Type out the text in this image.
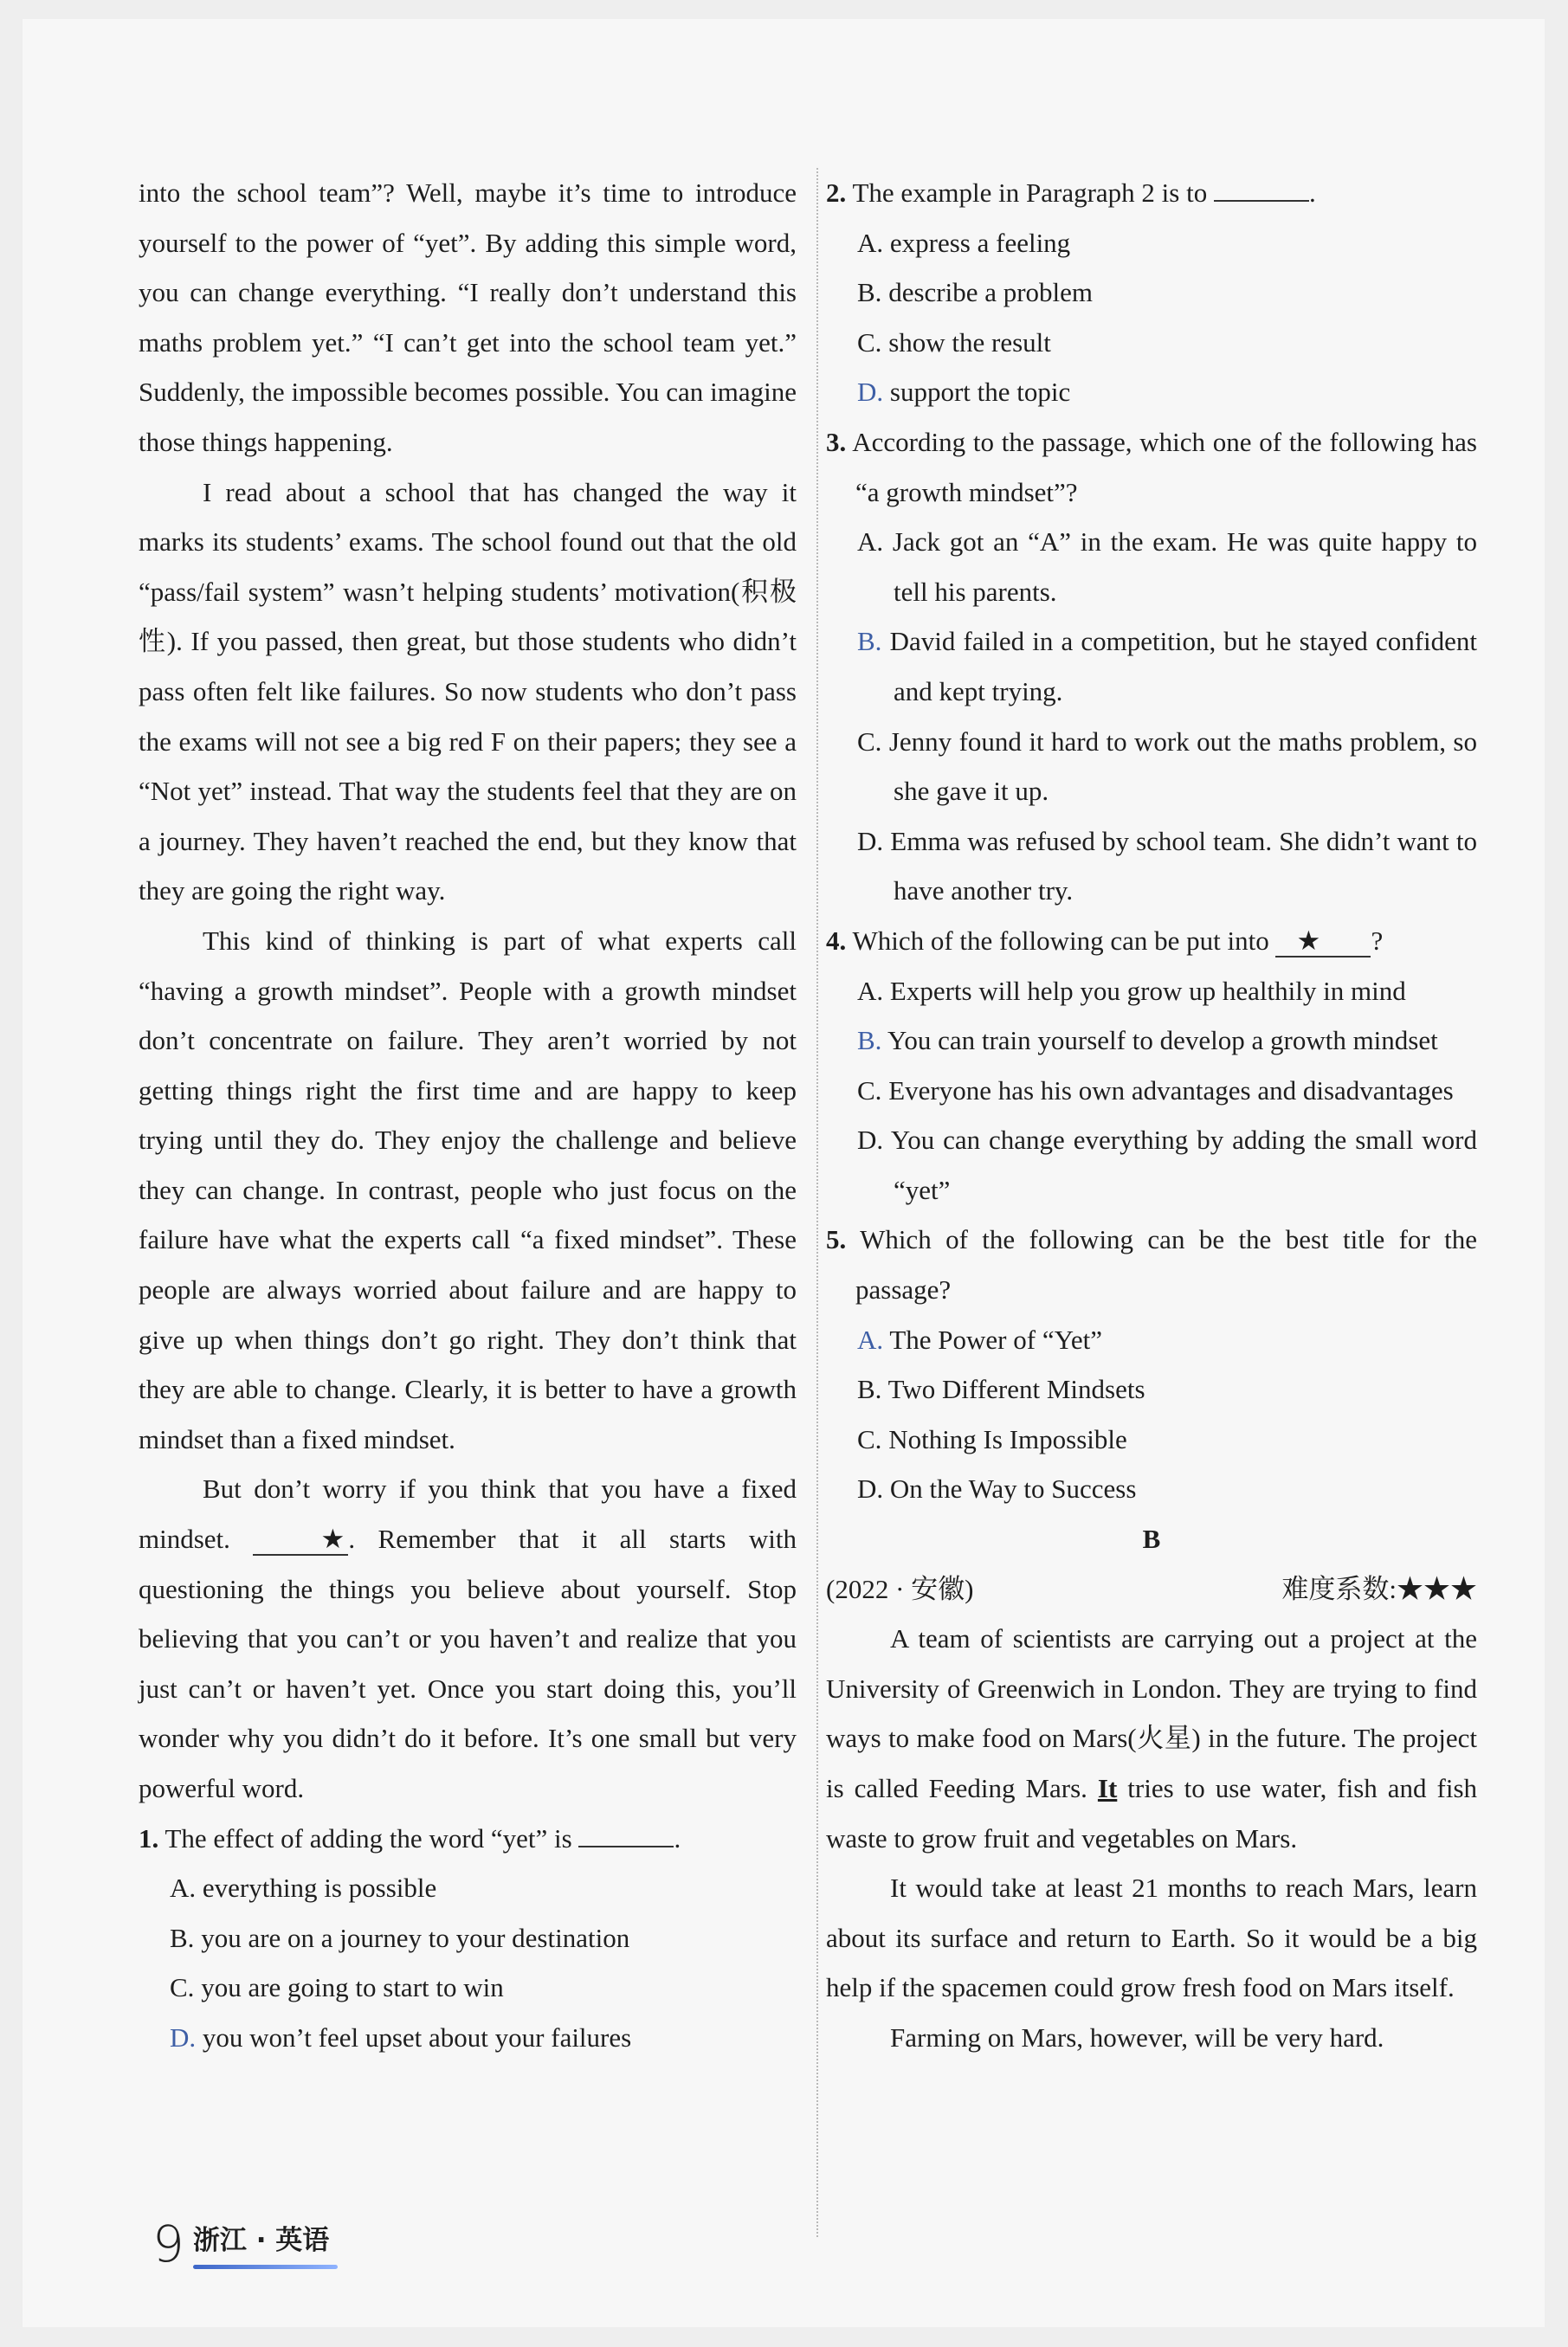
into the school team”? Well, maybe it’s time to introduce yourself to the power of “yet”. By adding this simple word, you can change everything. “I really don’t understand this maths problem yet.” “I can’t get into the school team yet.” Suddenly, the impossible becomes possible. You can imagine those things happening.

I read about a school that has changed the way it marks its students’ exams. The school found out that the old “pass/fail system” wasn’t helping students’ motivation(积极性). If you passed, then great, but those students who didn’t pass often felt like failures. So now students who don’t pass the exams will not see a big red F on their papers; they see a “Not yet” instead. That way the students feel that they are on a journey. They haven’t reached the end, but they know that they are going the right way.

This kind of thinking is part of what experts call “having a growth mindset”. People with a growth mindset don’t concentrate on failure. They aren’t worried by not getting things right the first time and are happy to keep trying until they do. They enjoy the challenge and believe they can change. In contrast, people who just focus on the failure have what the experts call “a fixed mindset”. These people are always worried about failure and are happy to give up when things don’t go right. They don’t think that they are able to change. Clearly, it is better to have a growth mindset than a fixed mindset.

But don’t worry if you think that you have a fixed mindset.	★ . Remember that it all starts with questioning the things you believe about yourself. Stop believing that you can’t or you haven’t and realize that you just can’t or haven’t yet. Once you start doing this, you’ll wonder why you didn’t do it before. It’s one small but very powerful word.

1. The effect of adding the word “yet” is	.

A. everything is possible

B. you are on a journey to your destination

C. you are going to start to win

D. you won’t feel upset about your failures

2. The example in Paragraph 2 is to	.

A. express a feeling

B. describe a problem

C. show the result

D. support the topic

3. According to the passage, which one of the following has “a growth mindset”?

A. Jack got an “A” in the exam. He was quite happy to tell his parents.

B. David failed in a competition, but he stayed confident and kept trying.

C. Jenny found it hard to work out the maths problem, so she gave it up.

D. Emma was refused by school team. She didn’t want to have another try.

4. Which of the following can be put into ★ ?

A. Experts will help you grow up healthily in mind

B. You can train yourself to develop a growth mindset

C. Everyone has his own advantages and disadvantages

D. You can change everything by adding the small word “yet”

5. Which of the following can be the best title for the passage?

A. The Power of “Yet”

B. Two Different Mindsets

C. Nothing Is Impossible

D. On the Way to Success

B

(2022 · 安徽)	难度系数:★★★

A team of scientists are carrying out a project at the University of Greenwich in London. They are trying to find ways to make food on Mars(火星) in the future. The project is called Feeding Mars. It tries to use water, fish and fish waste to grow fruit and vegetables on Mars.

It would take at least 21 months to reach Mars, learn about its surface and return to Earth. So it would be a big help if the spacemen could grow fresh food on Mars itself.

Farming on Mars, however, will be very hard.

9 浙江 · 英语
